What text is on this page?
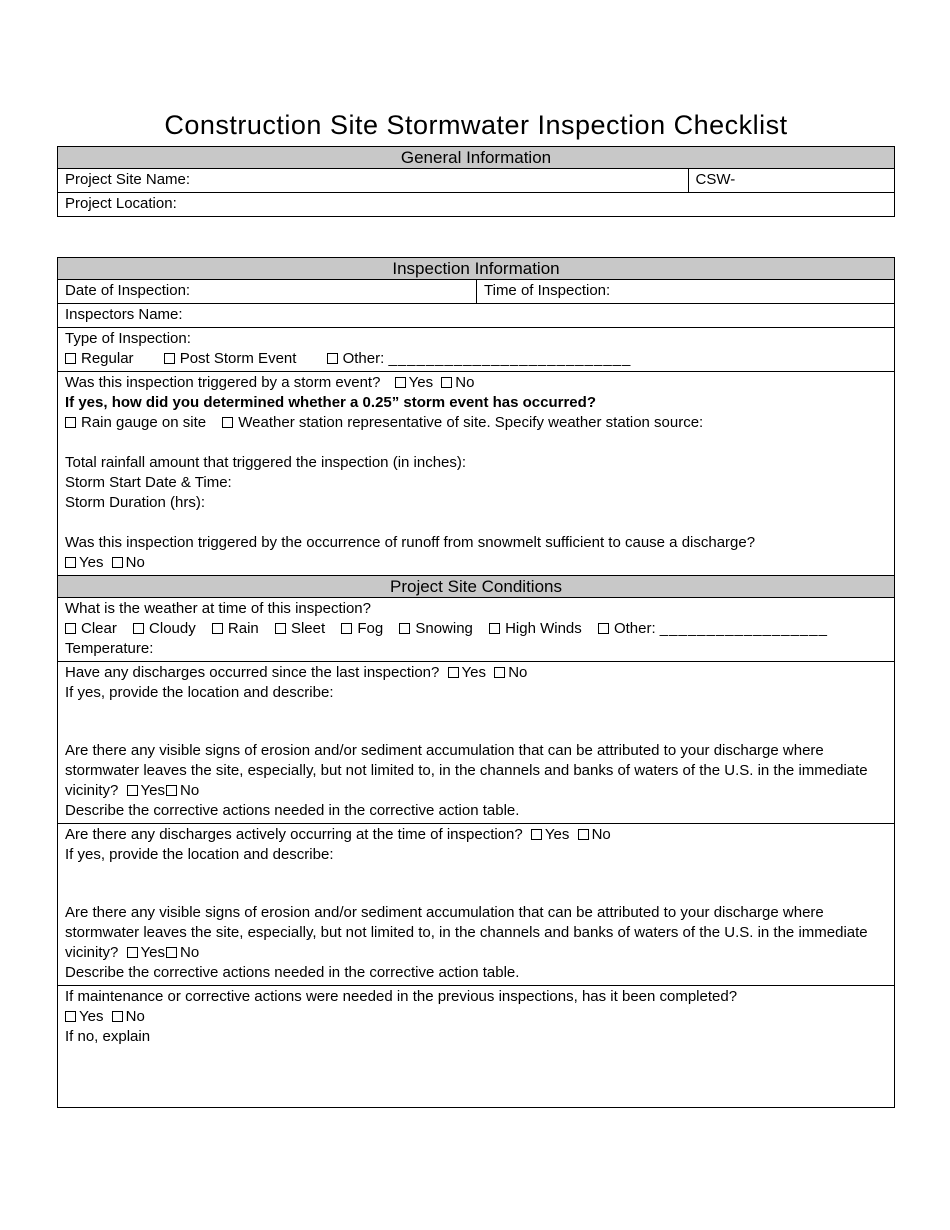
Construction Site Stormwater Inspection Checklist
General Information
Project Site Name:	CSW-
Project Location:
Inspection Information
Date of Inspection:	Time of Inspection:
Inspectors Name:
Type of Inspection:
Regular	Post Storm Event	Other: __________________________
Was this inspection triggered by a storm event? Yes No
If yes, how did you determined whether a 0.25” storm event has occurred?
Rain gauge on site Weather station representative of site. Specify weather station source:
Total rainfall amount that triggered the inspection (in inches):
Storm Start Date & Time:
Storm Duration (hrs):
Was this inspection triggered by the occurrence of runoff from snowmelt sufficient to cause a discharge?
Yes No
Project Site Conditions
What is the weather at time of this inspection?
Clear Cloudy Rain Sleet Fog Snowing High Winds Other: __________________
Temperature:
Have any discharges occurred since the last inspection? Yes No
If yes, provide the location and describe:
Are there any visible signs of erosion and/or sediment accumulation that can be attributed to your discharge where stormwater leaves the site, especially, but not limited to, in the channels and banks of waters of the U.S. in the immediate vicinity? Yes No
Describe the corrective actions needed in the corrective action table.
Are there any discharges actively occurring at the time of inspection? Yes No
If yes, provide the location and describe:
Are there any visible signs of erosion and/or sediment accumulation that can be attributed to your discharge where stormwater leaves the site, especially, but not limited to, in the channels and banks of waters of the U.S. in the immediate vicinity? Yes No
Describe the corrective actions needed in the corrective action table.
If maintenance or corrective actions were needed in the previous inspections, has it been completed?
Yes No
If no, explain
